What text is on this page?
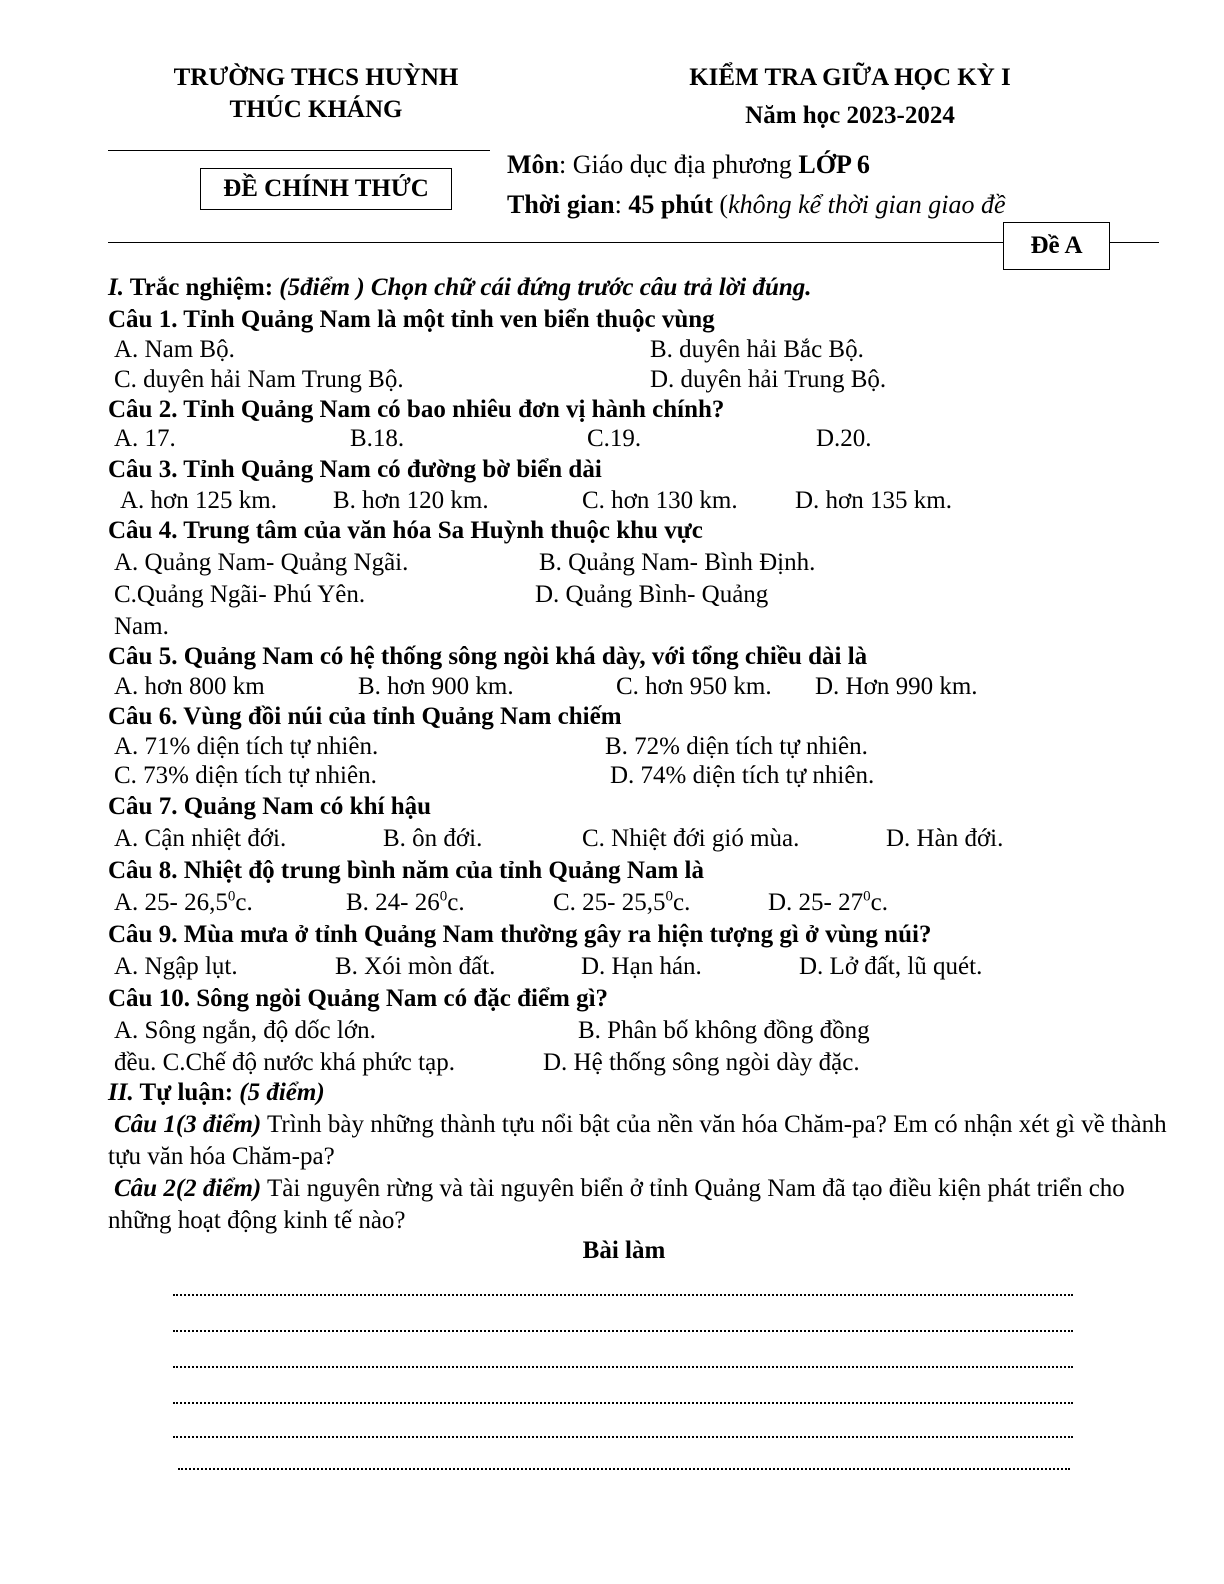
TRƯỜNG THCS HUỲNH
THÚC KHÁNG
KIỂM TRA GIỮA HỌC KỲ I
Năm học 2023-2024
ĐỀ CHÍNH THỨC
Môn: Giáo dục địa phương LỚP 6
Thời gian: 45 phút (không kể thời gian giao đề
Đề A
I. Trắc nghiệm: (5điểm ) Chọn chữ cái đứng trước câu trả lời đúng.
Câu 1. Tỉnh Quảng Nam là một tỉnh ven biển thuộc vùng
A. Nam Bộ.	B. duyên hải Bắc Bộ.
C. duyên hải Nam Trung Bộ.	D. duyên hải Trung Bộ.
Câu 2. Tỉnh Quảng Nam có bao nhiêu đơn vị hành chính?
A. 17.	B.18.	C.19.	D.20.
Câu 3. Tỉnh Quảng Nam có đường bờ biển dài
A. hơn 125 km. B. hơn 120 km.	C. hơn 130 km. D. hơn 135 km.
Câu 4. Trung tâm của văn hóa Sa Huỳnh thuộc khu vực
A. Quảng Nam- Quảng Ngãi.	B. Quảng Nam- Bình Định.
C.Quảng Ngãi- Phú Yên.	D. Quảng Bình- Quảng
Nam.
Câu 5. Quảng Nam có hệ thống sông ngòi khá dày, với tổng chiều dài là
A. hơn 800 km	B. hơn 900 km.	C. hơn 950 km. D. Hơn 990 km.
Câu 6. Vùng đồi núi của tỉnh Quảng Nam chiếm
A. 71% diện tích tự nhiên.	B. 72% diện tích tự nhiên.
C. 73% diện tích tự nhiên.	D. 74% diện tích tự nhiên.
Câu 7. Quảng Nam có khí hậu
A. Cận nhiệt đới.	B. ôn đới.	C. Nhiệt đới gió mùa.	D. Hàn đới.
Câu 8. Nhiệt độ trung bình năm của tỉnh Quảng Nam là
A. 25- 26,5$^0$c.	B. 24- $26^0c$.	C. 25- 25,5$^0$c.	D. 25- $27^0c$.
Câu 9. Mùa mưa ở tỉnh Quảng Nam thường gây ra hiện tượng gì ở vùng núi?
A. Ngập lụt.	B. Xói mòn đất.	D. Hạn hán.	D. Lở đất, lũ quét.
Câu 10. Sông ngòi Quảng Nam có đặc điểm gì?
A. Sông ngắn, độ dốc lớn.	B. Phân bố không đồng đồng
đều. C.Chế độ nước khá phức tạp.	D. Hệ thống sông ngòi dày đặc.
II. Tự luận: (5 điểm)
Câu 1(3 điểm) Trình bày những thành tựu nổi bật của nền văn hóa Chăm-pa? Em có nhận xét gì về thành tựu văn hóa Chăm-pa?
Câu 2(2 điểm) Tài nguyên rừng và tài nguyên biển ở tỉnh Quảng Nam đã tạo điều kiện phát triển cho những hoạt động kinh tế nào?
Bài làm
